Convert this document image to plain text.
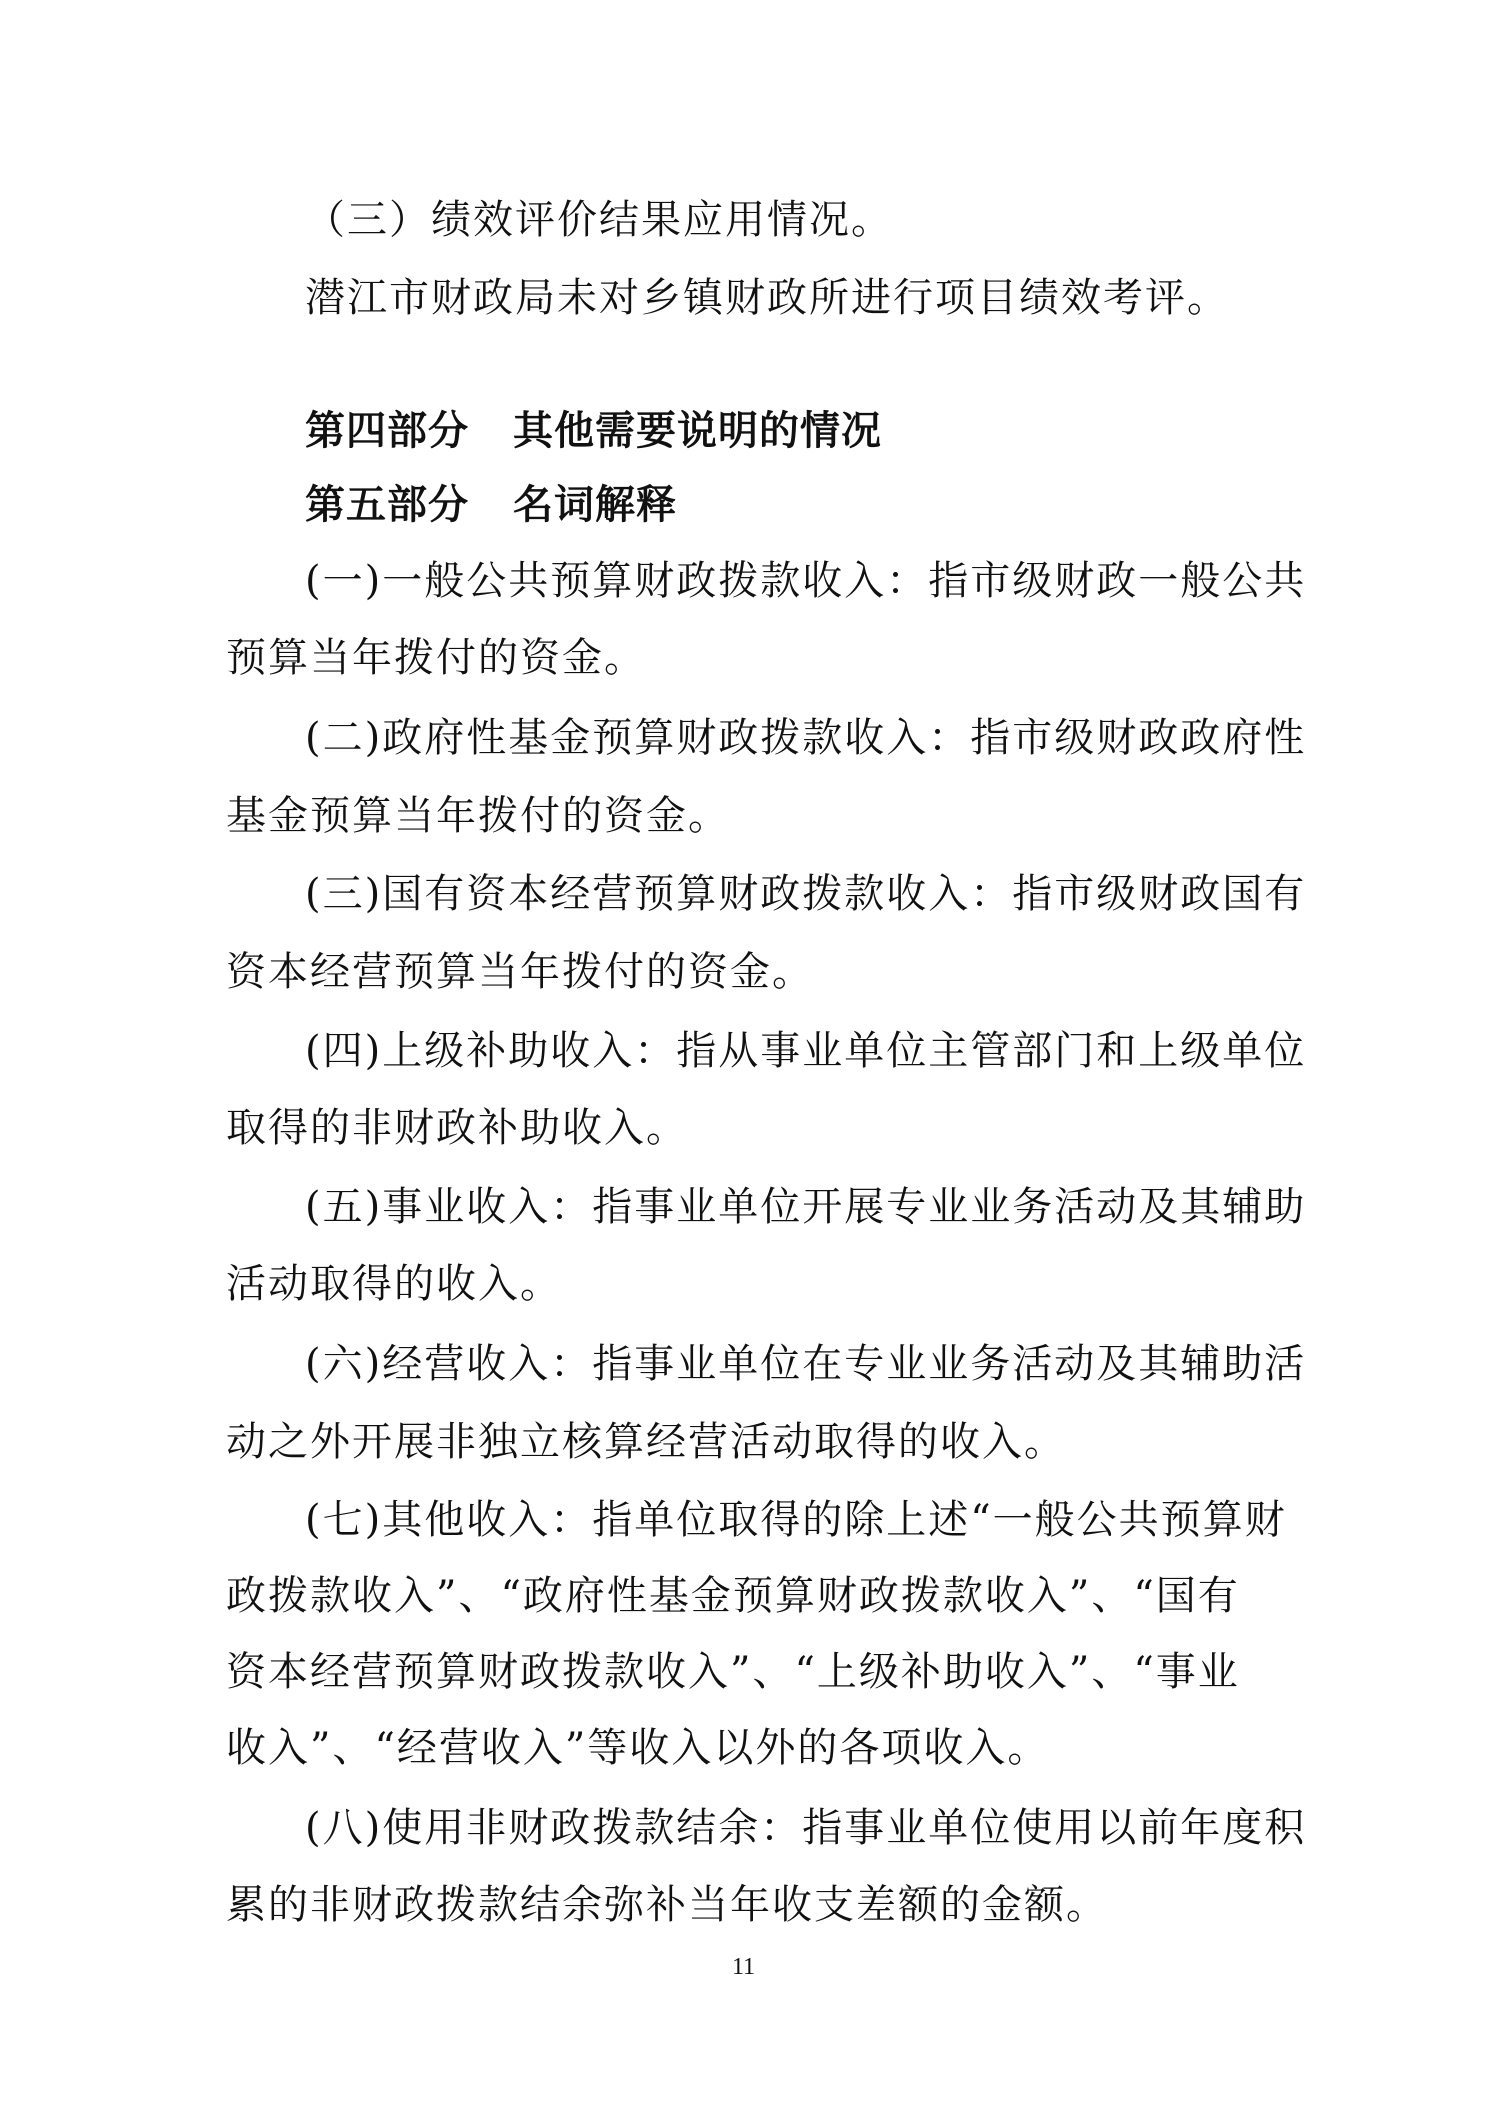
（三）绩效评价结果应用情况。
潜江市财政局未对乡镇财政所进行项目绩效考评。
第四部分 其他需要说明的情况
第五部分 名词解释
(一)一般公共预算财政拨款收入：指市级财政一般公共
预算当年拨付的资金。
(二)政府性基金预算财政拨款收入：指市级财政政府性
基金预算当年拨付的资金。
(三)国有资本经营预算财政拨款收入：指市级财政国有
资本经营预算当年拨付的资金。
(四)上级补助收入：指从事业单位主管部门和上级单位
取得的非财政补助收入。
(五)事业收入：指事业单位开展专业业务活动及其辅助
活动取得的收入。
(六)经营收入：指事业单位在专业业务活动及其辅助活
动之外开展非独立核算经营活动取得的收入。
(七)其他收入：指单位取得的除上述“一般公共预算财
政拨款收入”、“政府性基金预算财政拨款收入”、“国有
资本经营预算财政拨款收入”、“上级补助收入”、“事业
收入”、“经营收入”等收入以外的各项收入。
(八)使用非财政拨款结余：指事业单位使用以前年度积
累的非财政拨款结余弥补当年收支差额的金额。
11
